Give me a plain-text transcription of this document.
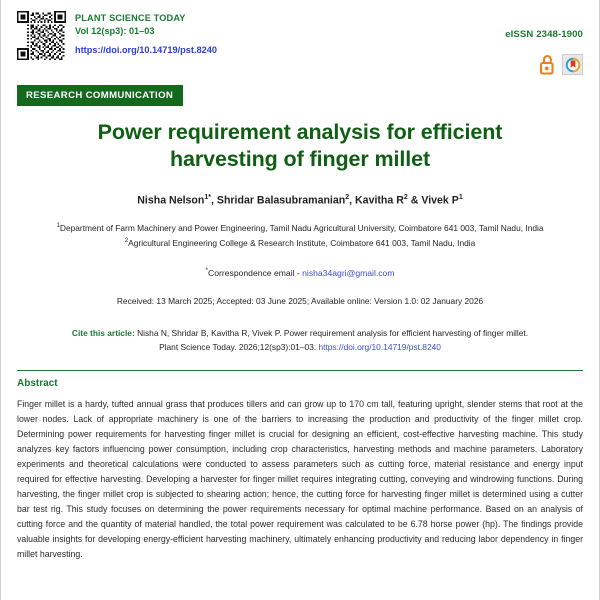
PLANT SCIENCE TODAY
Vol 12(sp3): 01–03
https://doi.org/10.14719/pst.8240
eISSN 2348-1900
RESEARCH COMMUNICATION
Power requirement analysis for efficient harvesting of finger millet
Nisha Nelson$^{1*}$, Shridar Balasubramanian$^2$, Kavitha $R^2$ & Vivek $P^1$
$^1$Department of Farm Machinery and Power Engineering, Tamil Nadu Agricultural University, Coimbatore 641 003, Tamil Nadu, India
$^2$Agricultural Engineering College & Research Institute, Coimbatore 641 003, Tamil Nadu, India
*Correspondence email - nisha34agri@gmail.com
Received: 13 March 2025; Accepted: 03 June 2025; Available online: Version 1.0: 02 January 2026
Cite this article: Nisha N, Shridar B, Kavitha R, Vivek P. Power requirement analysis for efficient harvesting of finger millet. Plant Science Today. 2026;12(sp3):01–03. https://doi.org/10.14719/pst.8240
Abstract
Finger millet is a hardy, tufted annual grass that produces tillers and can grow up to 170 cm tall, featuring upright, slender stems that root at the lower nodes. Lack of appropriate machinery is one of the barriers to increasing the production and productivity of the finger millet crop. Determining power requirements for harvesting finger millet is crucial for designing an efficient, cost-effective harvesting machine. This study analyzes key factors influencing power consumption, including crop characteristics, harvesting methods and machine parameters. Laboratory experiments and theoretical calculations were conducted to assess parameters such as cutting force, material resistance and energy input required for effective harvesting. Developing a harvester for finger millet requires integrating cutting, conveying and windrowing functions. During harvesting, the finger millet crop is subjected to shearing action; hence, the cutting force for harvesting finger millet is determined using a cutter bar test rig. This study focuses on determining the power requirements necessary for optimal machine performance. Based on an analysis of cutting force and the quantity of material handled, the total power requirement was calculated to be 6.78 horse power (hp). The findings provide valuable insights for developing energy-efficient harvesting machinery, ultimately enhancing productivity and reducing labor dependency in finger millet harvesting.
